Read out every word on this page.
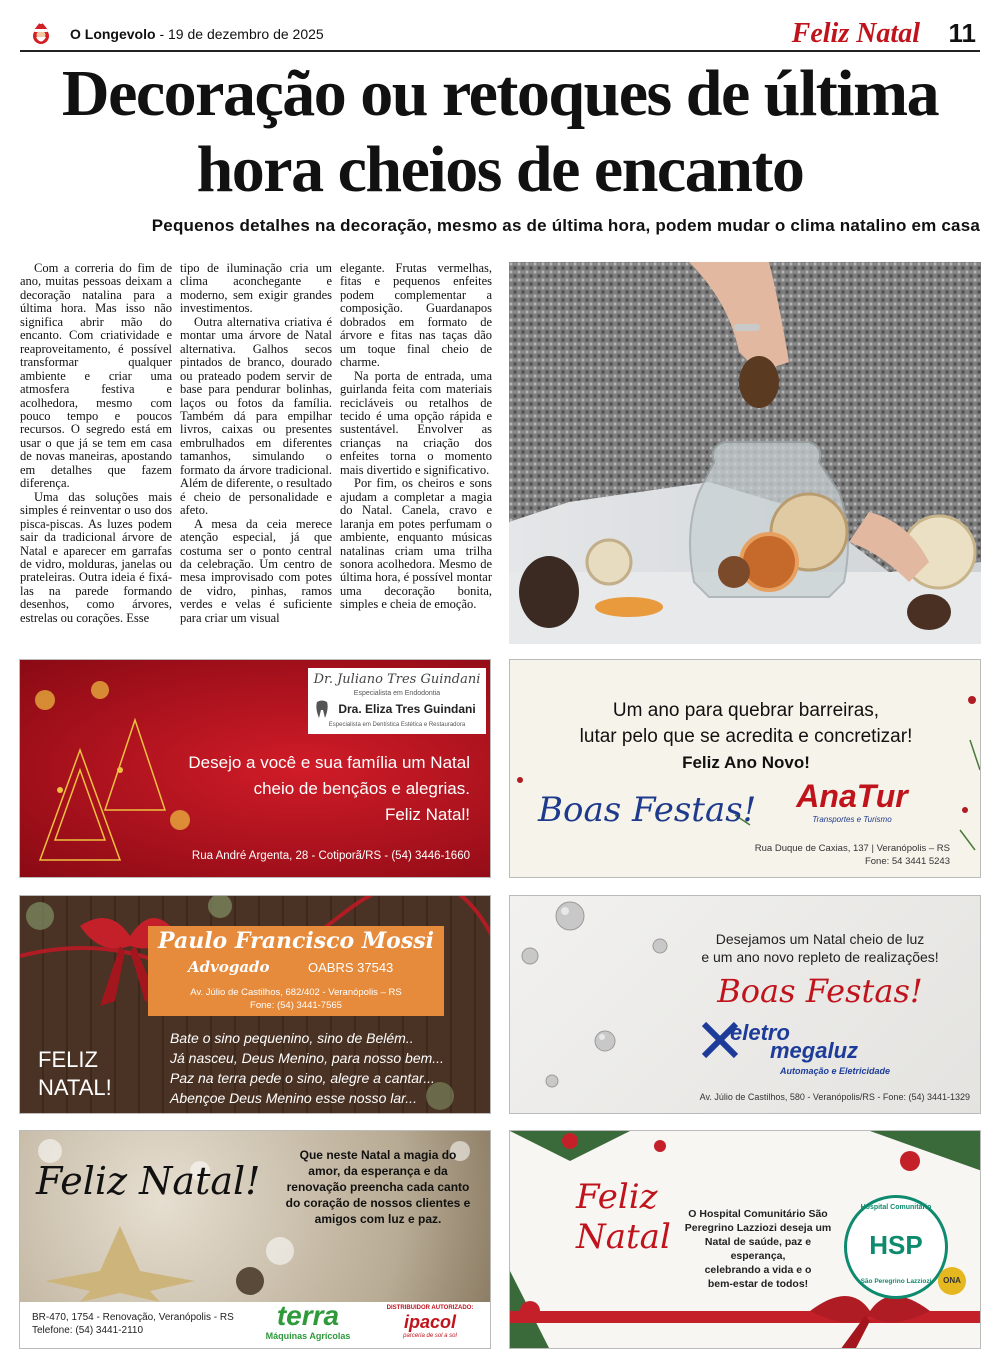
O Longevolo - 19 de dezembro de 2025	Feliz Natal 11
Decoração ou retoques de última hora cheios de encanto
Pequenos detalhes na decoração, mesmo as de última hora, podem mudar o clima natalino em casa

Com a correria do fim de ano, muitas pessoas deixam a decoração natalina para a última hora. Mas isso não significa abrir mão do encanto. Com criatividade e reaproveitamento, é possível transformar qualquer ambiente e criar uma atmosfera festiva e acolhedora, mesmo com pouco tempo e poucos recursos. O segredo está em usar o que já se tem em casa de novas maneiras, apostando em detalhes que fazem diferença.

Uma das soluções mais simples é reinventar o uso dos pisca-piscas. As luzes podem sair da tradicional árvore de Natal e aparecer em garrafas de vidro, molduras, janelas ou prateleiras. Outra ideia é fixá-las na parede formando desenhos, como árvores, estrelas ou corações. Esse

tipo de iluminação cria um clima aconchegante e moderno, sem exigir grandes investimentos.

Outra alternativa criativa é montar uma árvore de Natal alternativa. Galhos secos pintados de branco, dourado ou prateado podem servir de base para pendurar bolinhas, laços ou fotos da família. Também dá para empilhar livros, caixas ou presentes embrulhados em diferentes tamanhos, simulando o formato da árvore tradicional. Além de diferente, o resultado é cheio de personalidade e afeto.

A mesa da ceia merece atenção especial, já que costuma ser o ponto central da celebração. Um centro de mesa improvisado com potes de vidro, pinhas, ramos verdes e velas é suficiente para criar um visual

elegante. Frutas vermelhas, fitas e pequenos enfeites podem complementar a composição. Guardanapos dobrados em formato de árvore e fitas nas taças dão um toque final cheio de charme.

Na porta de entrada, uma guirlanda feita com materiais recicláveis ou retalhos de tecido é uma opção rápida e sustentável. Envolver as crianças na criação dos enfeites torna o momento mais divertido e significativo.

Por fim, os cheiros e sons ajudam a completar a magia do Natal. Canela, cravo e laranja em potes perfumam o ambiente, enquanto músicas natalinas criam uma trilha sonora acolhedora. Mesmo de última hora, é possível montar uma decoração bonita, simples e cheia de emoção.

Dr. Juliano Tres Guindani
Especialista em Endodontia
Dra. Eliza Tres Guindani
Especialista em Dentística Estética e Restauradora
Desejo a você e sua família um Natal
cheio de bençãos e alegrias.
Feliz Natal!
Rua André Argenta, 28 - Cotiporã/RS - (54) 3446-1660
Um ano para quebrar barreiras,
lutar pelo que se acredita e concretizar!
Feliz Ano Novo!
Boas Festas!	AnaTur
Transportes e Turismo
Rua Duque de Caxias, 137 | Veranópolis – RS
Fone: 54 3441 5243
Paulo Francisco Mossi
Advogado	OABRS 37543
Av. Júlio de Castilhos, 682/402 - Veranópolis – RS
Fone: (54) 3441-7565
FELIZ
NATAL!
Bate o sino pequenino, sino de Belém..
Já nasceu, Deus Menino, para nosso bem...
Paz na terra pede o sino, alegre a cantar...
Abençoe Deus Menino esse nosso lar...
Desejamos um Natal cheio de luz
e um ano novo repleto de realizações!
Boas Festas!
eletro
megaluz
Automação e Eletricidade
Av. Júlio de Castilhos, 580 - Veranópolis/RS - Fone: (54) 3441-1329
Feliz Natal!
Que neste Natal a magia do
amor, da esperança e da
renovação preencha cada canto
do coração de nossos clientes e
amigos com luz e paz.
BR-470, 1754 - Renovação, Veranópolis - RS
Telefone: (54) 3441-2110	terra
Máquinas Agrícolas
DISTRIBUIDOR AUTORIZADO:
ipacol
parceria de sol a sol
Feliz
Natal
O Hospital Comunitário São
Peregrino Lazziozi deseja um
Natal de saúde, paz e esperança,
celebrando a vida e o
bem-estar de todos!
Hospital Comunitário
HSP
São Peregrino Lazziozi	ONA
